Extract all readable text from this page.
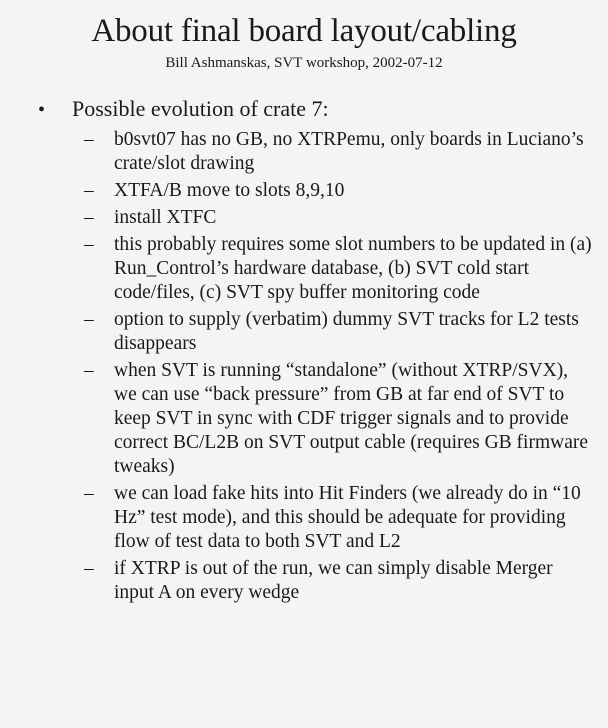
About final board layout/cabling
Bill Ashmanskas, SVT workshop, 2002-07-12
• Possible evolution of crate 7:
– b0svt07 has no GB, no XTRPemu, only boards in Luciano’s crate/slot drawing
– XTFA/B move to slots 8,9,10
– install XTFC
– this probably requires some slot numbers to be updated in (a) Run_Control’s hardware database, (b) SVT cold start code/files, (c) SVT spy buffer monitoring code
– option to supply (verbatim) dummy SVT tracks for L2 tests disappears
– when SVT is running “standalone” (without XTRP/SVX), we can use “back pressure” from GB at far end of SVT to keep SVT in sync with CDF trigger signals and to provide correct BC/L2B on SVT output cable (requires GB firmware tweaks)
– we can load fake hits into Hit Finders (we already do in “10 Hz” test mode), and this should be adequate for providing flow of test data to both SVT and L2
– if XTRP is out of the run, we can simply disable Merger input A on every wedge
